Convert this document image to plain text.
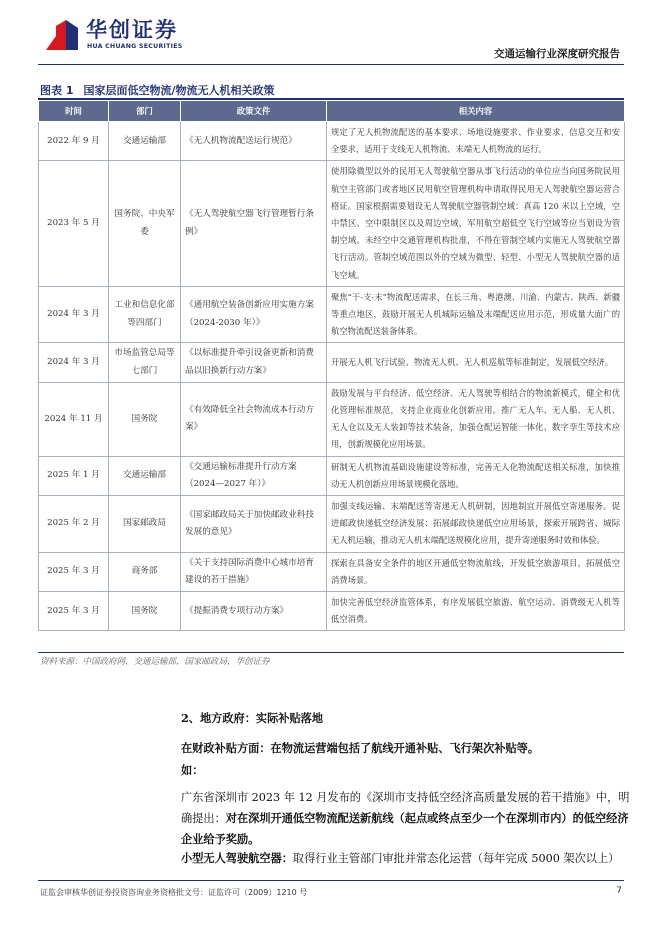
华创证券
HUA CHUANG SECURITIES
交通运输行业深度研究报告
图表 1 国家层面低空物流/物流无人机相关政策
时间	部门	政策文件	相关内容
2022 年 9 月	交通运输部	《无人机物流配送运行规范》	规定了无人机物流配送的基本要求、场地设施要求、作业要求、信息交互和安全要求，适用于支线无人机物流、末端无人机物流的运行。
2023 年 5 月	国务院、中央军委	《无人驾驶航空器飞行管理暂行条例》	使用除微型以外的民用无人驾驶航空器从事飞行活动的单位应当向国务院民用航空主管部门或者地区民用航空管理机构申请取得民用无人驾驶航空器运营合格证。国家根据需要划设无人驾驶航空器管制空域：真高 120 米以上空域，空中禁区、空中限制区以及周边空域，军用航空超低空飞行空域等应当划设为管制空域。未经空中交通管理机构批准，不得在管制空域内实施无人驾驶航空器飞行活动。管制空域范围以外的空域为微型、轻型、小型无人驾驶航空器的适飞空域。
2024 年 3 月	工业和信息化部等四部门	《通用航空装备创新应用实施方案（2024-2030 年）》	聚焦“干-支-末”物流配送需求，在长三角、粤港澳、川渝、内蒙古、陕西、新疆等重点地区，鼓励开展无人机城际运输及末端配送应用示范，形成量大面广的航空物流配送装备体系。
2024 年 3 月	市场监管总局等七部门	《以标准提升牵引设备更新和消费品以旧换新行动方案》	开展无人机飞行试验、物流无人机、无人机巡航等标准制定，发展低空经济。
2024 年 11 月	国务院	《有效降低全社会物流成本行动方案》	鼓励发展与平台经济、低空经济、无人驾驶等相结合的物流新模式，健全和优化管理标准规范，支持企业商业化创新应用。推广无人车、无人船、无人机、无人仓以及无人装卸等技术装备，加强仓配运智能一体化、数字孪生等技术应用，创新规模化应用场景。
2025 年 1 月	交通运输部	《交通运输标准提升行动方案（2024—2027 年）》	研制无人机物流基础设施建设等标准，完善无人化物流配送相关标准，加快推动无人机创新应用场景规模化落地。
2025 年 2 月	国家邮政局	《国家邮政局关于加快邮政业科技发展的意见》	加强支线运输、末端配送等寄递无人机研制，因地制宜开展低空寄递服务。促进邮政快递低空经济发展：拓展邮政快递低空应用场景，探索开展跨省、城际无人机运输，推动无人机末端配送规模化应用，提升寄递服务时效和体验。
2025 年 3 月	商务部	《关于支持国际消费中心城市培育建设的若干措施》	探索在具备安全条件的地区开通低空物流航线，开发低空旅游项目，拓展低空消费场景。
2025 年 3 月	国务院	《提振消费专项行动方案》	加快完善低空经济监管体系，有序发展低空旅游、航空运动、消费级无人机等低空消费。
资料来源：中国政府网，交通运输部，国家邮政局，华创证券
2、地方政府：实际补贴落地
在财政补贴方面：在物流运营端包括了航线开通补贴、飞行架次补贴等。
如：
广东省深圳市 2023 年 12 月发布的《深圳市支持低空经济高质量发展的若干措施》中，明确提出：对在深圳开通低空物流配送新航线（起点或终点至少一个在深圳市内）的低空经济企业给予奖励。
小型无人驾驶航空器：取得行业主管部门审批并常态化运营（每年完成 5000 架次以上）
证监会审核华创证券投资咨询业务资格批文号：证监许可（2009）1210 号	7
